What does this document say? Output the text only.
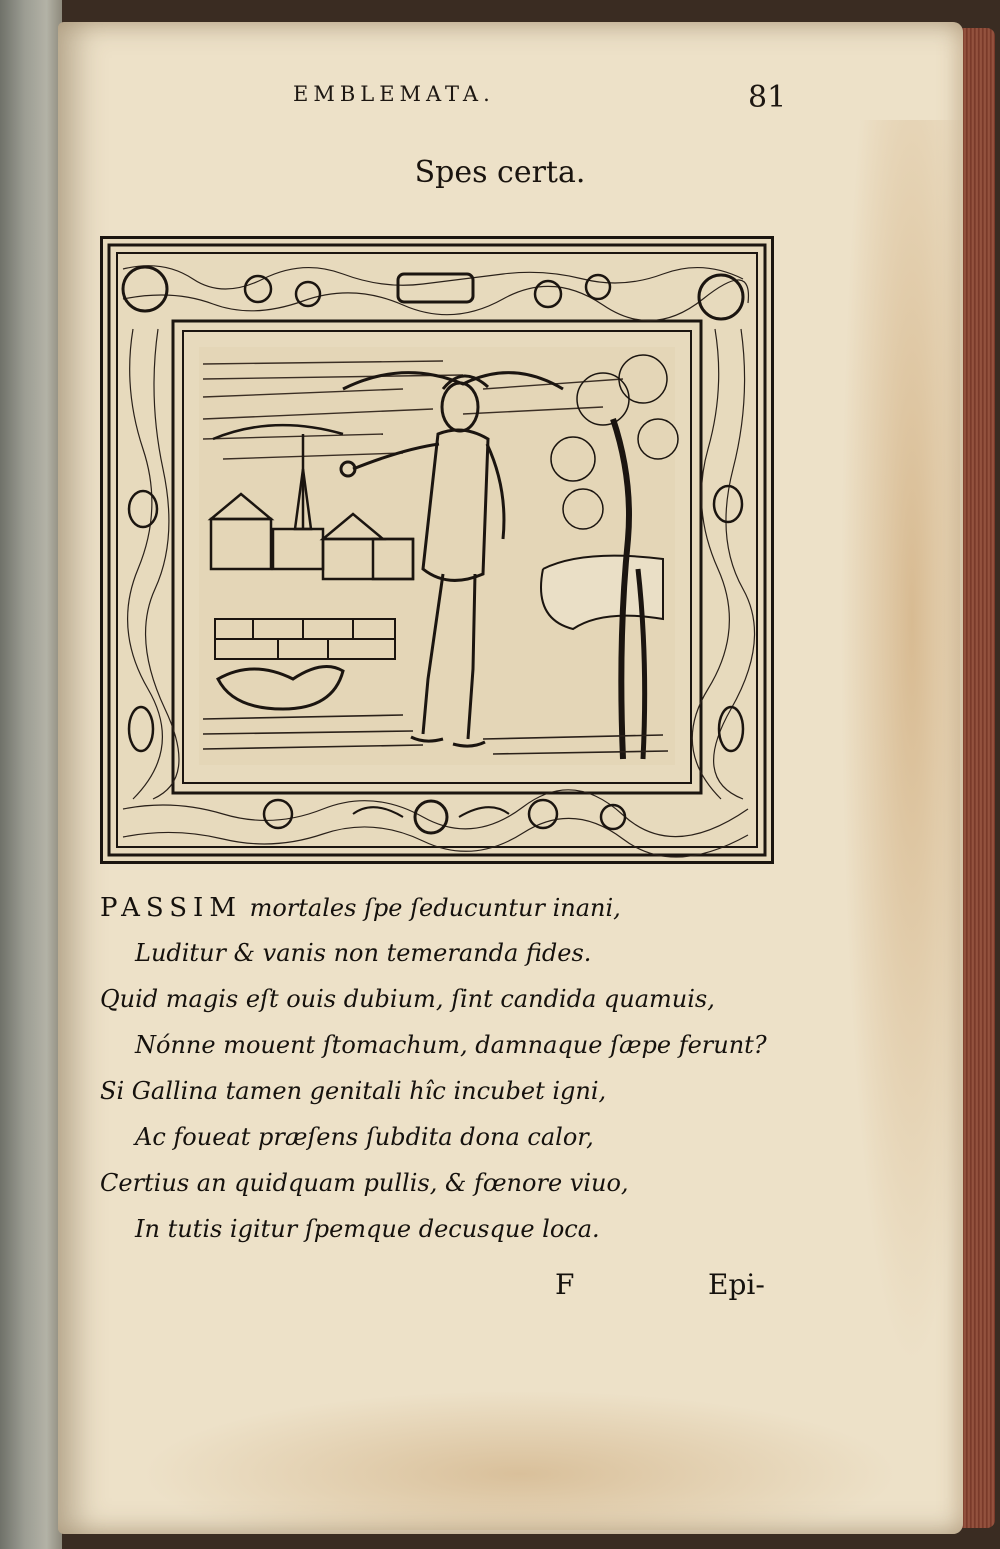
EMBLEMATA.	81
Spes certa.
PASSIM mortales ſpe ſeducuntur inani,
Luditur & vanis non temeranda fides.
Quid magis eſt ouis dubium, ſint candida quamuis,
Nónne mouent ſtomachum, damnaque ſæpe ferunt?
Si Gallina tamen genitali hîc incubet igni,
Ac foueat præſens ſubdita dona calor,
Certius an quidquam pullis, & fœnore viuo,
In tutis igitur ſpemque decusque loca.
F	Epi-
